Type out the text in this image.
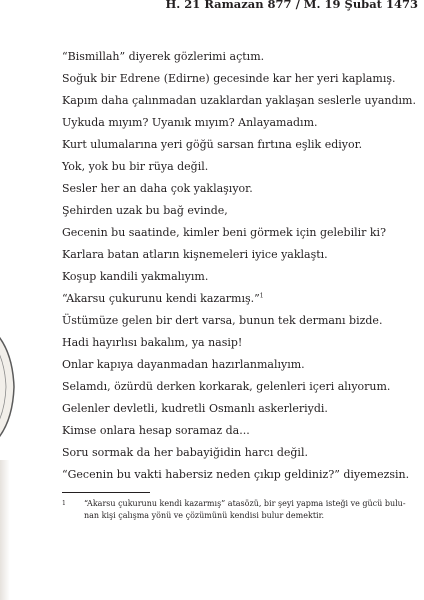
H. 21 Ramazan 877 / M. 19 Şubat 1473
“Bismillah” diyerek gözlerimi açtım.
Soğuk bir Edrene (Edirne) gecesinde kar her yeri kaplamış.
Kapım daha çalınmadan uzaklardan yaklaşan seslerle uyandım.
Uykuda mıyım? Uyanık mıyım? Anlayamadım.
Kurt ulumalarına yeri göğü sarsan fırtına eşlik ediyor.
Yok, yok bu bir rüya değil.
Sesler her an daha çok yaklaşıyor.
Şehirden uzak bu bağ evinde,
Gecenin bu saatinde, kimler beni görmek için gelebilir ki?
Karlara batan atların kişnemeleri iyice yaklaştı.
Koşup kandili yakmalıyım.
“Akarsu çukurunu kendi kazarmış.”$^1$
Üstümüze gelen bir dert varsa, bunun tek dermanı bizde.
Hadi hayırlısı bakalım, ya nasip!
Onlar kapıya dayanmadan hazırlanmalıyım.
Selamdı, özürdü derken korkarak, gelenleri içeri alıyorum.
Gelenler devletli, kudretli Osmanlı askerleriydi.
Kimse onlara hesap soramaz da...
Soru sormak da her babayiğidin harcı değil.
“Gecenin bu vakti habersiz neden çıkıp geldiniz?” diyemezsin.
1	“Akarsu çukurunu kendi kazarmış” atasözü, bir şeyi yapma isteği ve gücü bulu-
nan kişi çalışma yönü ve çözümünü kendisi bulur demektir.
